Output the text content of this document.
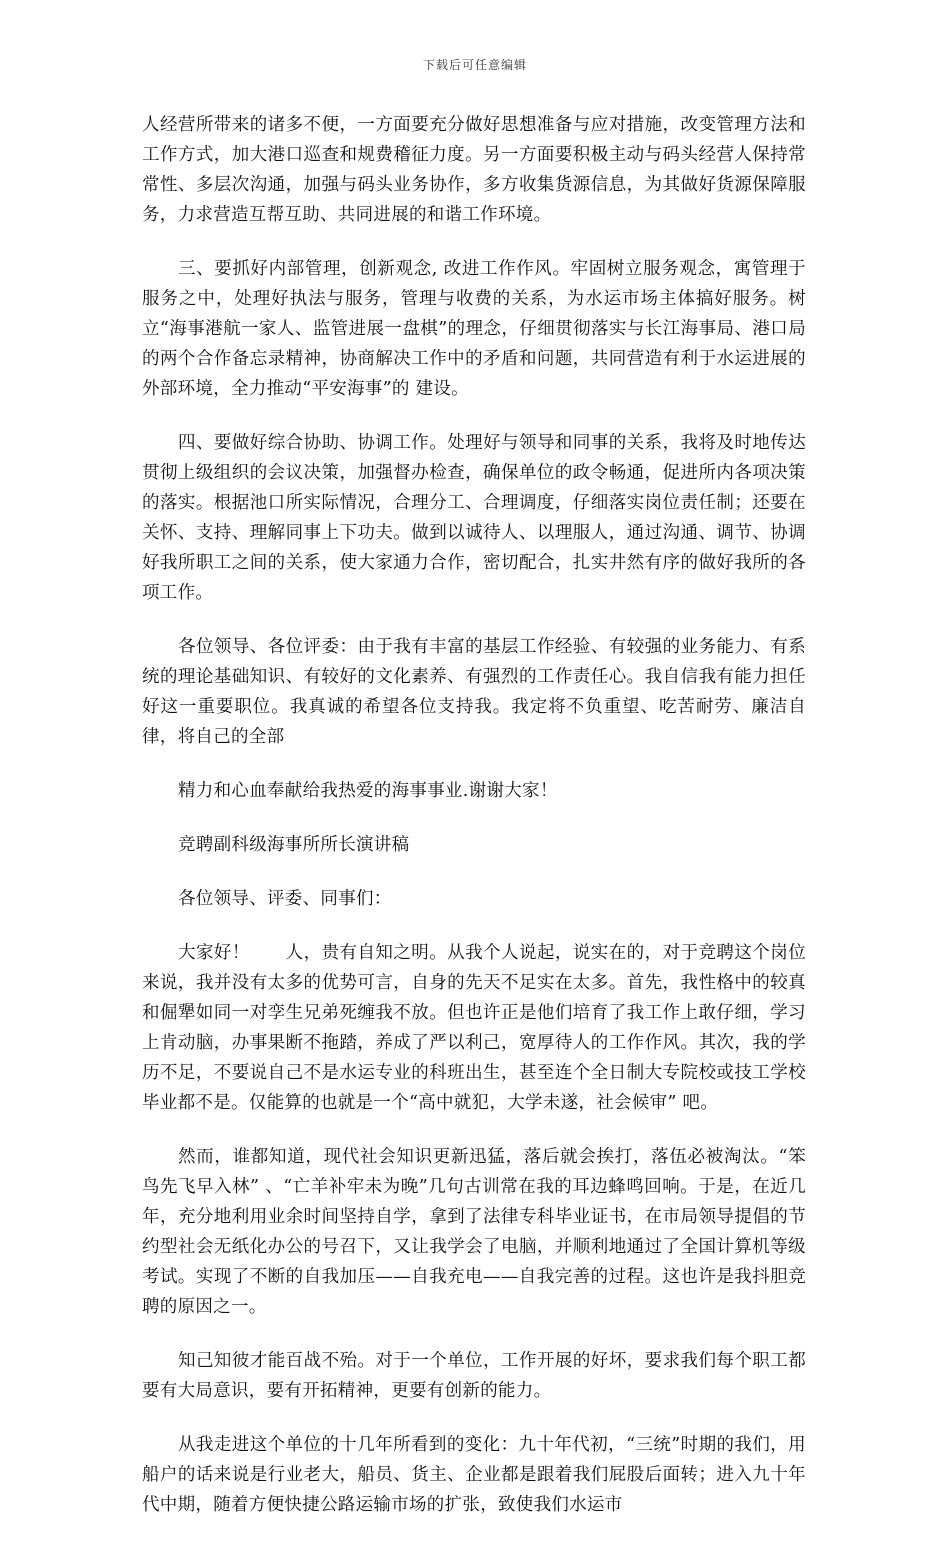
下载后可任意编辑

人经营所带来的诸多不便，一方面要充分做好思想准备与应对措施，改变管理方法和工作方式，加大港口巡查和规费稽征力度。另一方面要积极主动与码头经营人保持常常性、多层次沟通，加强与码头业务协作，多方收集货源信息，为其做好货源保障服务，力求营造互帮互助、共同进展的和谐工作环境。

三、要抓好内部管理，创新观念, 改进工作作风。牢固树立服务观念，寓管理于服务之中，处理好执法与服务，管理与收费的关系，为水运市场主体搞好服务。树立“海事港航一家人、监管进展一盘棋”的理念，仔细贯彻落实与长江海事局、港口局的两个合作备忘录精神，协商解决工作中的矛盾和问题，共同营造有利于水运进展的外部环境，全力推动“平安海事”的 建设。

四、要做好综合协助、协调工作。处理好与领导和同事的关系，我将及时地传达贯彻上级组织的会议决策，加强督办检查，确保单位的政令畅通，促进所内各项决策的落实。根据池口所实际情况，合理分工、合理调度，仔细落实岗位责任制；还要在关怀、支持、理解同事上下功夫。做到以诚待人、以理服人，通过沟通、调节、协调好我所职工之间的关系，使大家通力合作，密切配合，扎实井然有序的做好我所的各项工作。

各位领导、各位评委：由于我有丰富的基层工作经验、有较强的业务能力、有系统的理论基础知识、有较好的文化素养、有强烈的工作责任心。我自信我有能力担任好这一重要职位。我真诚的希望各位支持我。我定将不负重望、吃苦耐劳、廉洁自律，将自己的全部

精力和心血奉献给我热爱的海事事业.谢谢大家！

竞聘副科级海事所所长演讲稿

各位领导、评委、同事们：

大家好！　　人，贵有自知之明。从我个人说起，说实在的，对于竞聘这个岗位来说，我并没有太多的优势可言，自身的先天不足实在太多。首先，我性格中的较真和倔犟如同一对孪生兄弟死缠我不放。但也许正是他们培育了我工作上敢仔细，学习上肯动脑，办事果断不拖踏，养成了严以利己，宽厚待人的工作作风。其次，我的学历不足，不要说自己不是水运专业的科班出生，甚至连个全日制大专院校或技工学校毕业都不是。仅能算的也就是一个“高中就犯，大学未遂，社会候审” 吧。

然而，谁都知道，现代社会知识更新迅猛，落后就会挨打，落伍必被淘汰。“笨鸟先飞早入林” 、“亡羊补牢未为晚”几句古训常在我的耳边蜂鸣回响。于是，在近几年，充分地利用业余时间坚持自学，拿到了法律专科毕业证书，在市局领导提倡的节约型社会无纸化办公的号召下，又让我学会了电脑，并顺利地通过了全国计算机等级考试。实现了不断的自我加压——自我充电——自我完善的过程。这也许是我抖胆竞聘的原因之一。

知己知彼才能百战不殆。对于一个单位，工作开展的好坏，要求我们每个职工都要有大局意识，要有开拓精神，更要有创新的能力。

从我走进这个单位的十几年所看到的变化：九十年代初，“三统”时期的我们，用船户的话来说是行业老大，船员、货主、企业都是跟着我们屁股后面转；进入九十年代中期，随着方便快捷公路运输市场的扩张，致使我们水运市
